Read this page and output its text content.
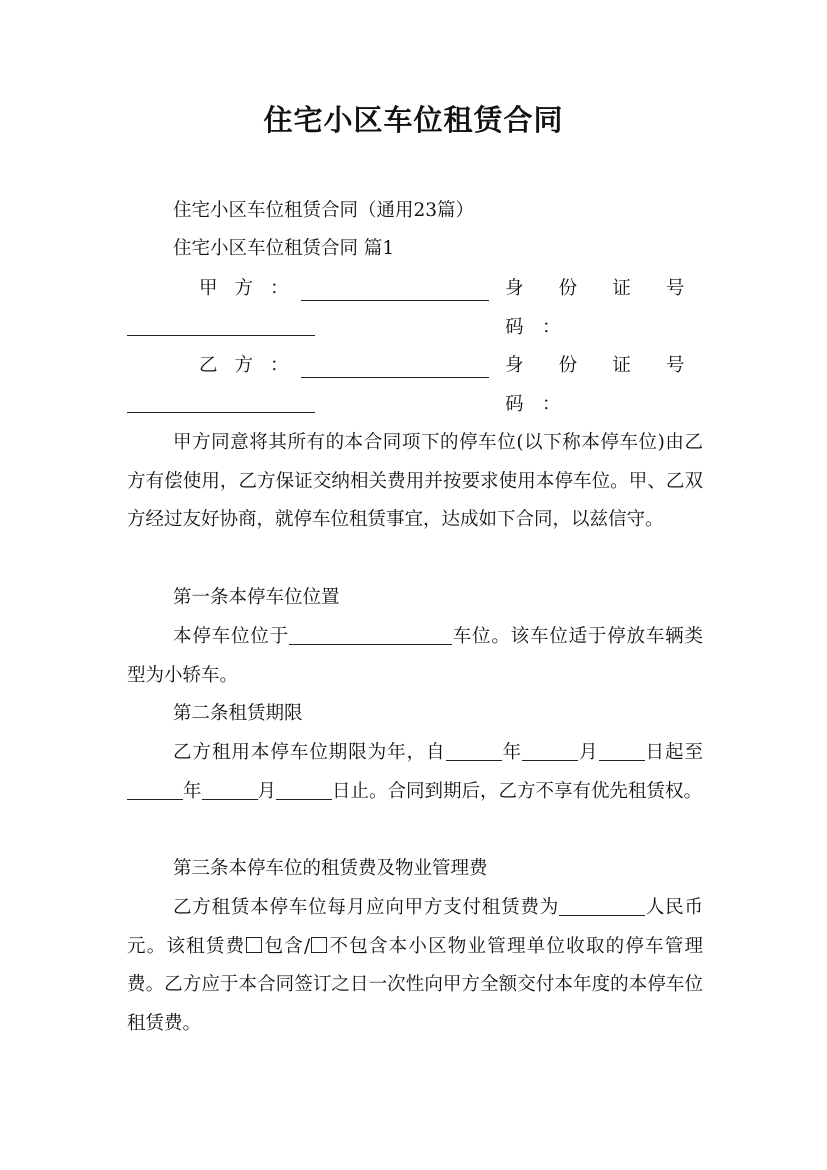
住宅小区车位租赁合同

住宅小区车位租赁合同（通用23篇）

住宅小区车位租赁合同 篇1

甲方：	身份证号码：
乙方：	身份证号码：

甲方同意将其所有的本合同项下的停车位(以下称本停车位)由乙方有偿使用，乙方保证交纳相关费用并按要求使用本停车位。甲、乙双方经过友好协商，就停车位租赁事宜，达成如下合同，以兹信守。

第一条本停车位位置

本停车位位于	车位。该车位适于停放车辆类型为小轿车。

第二条租赁期限

乙方租用本停车位期限为年，自	年	月 日起至年	月	日止。合同到期后，乙方不享有优先租赁权。

第三条本停车位的租赁费及物业管理费

乙方租赁本停车位每月应向甲方支付租赁费为	人民币元。该租赁费 包含/ 不包含本小区物业管理单位收取的停车管理费。乙方应于本合同签订之日一次性向甲方全额交付本年度的本停车位租赁费。
